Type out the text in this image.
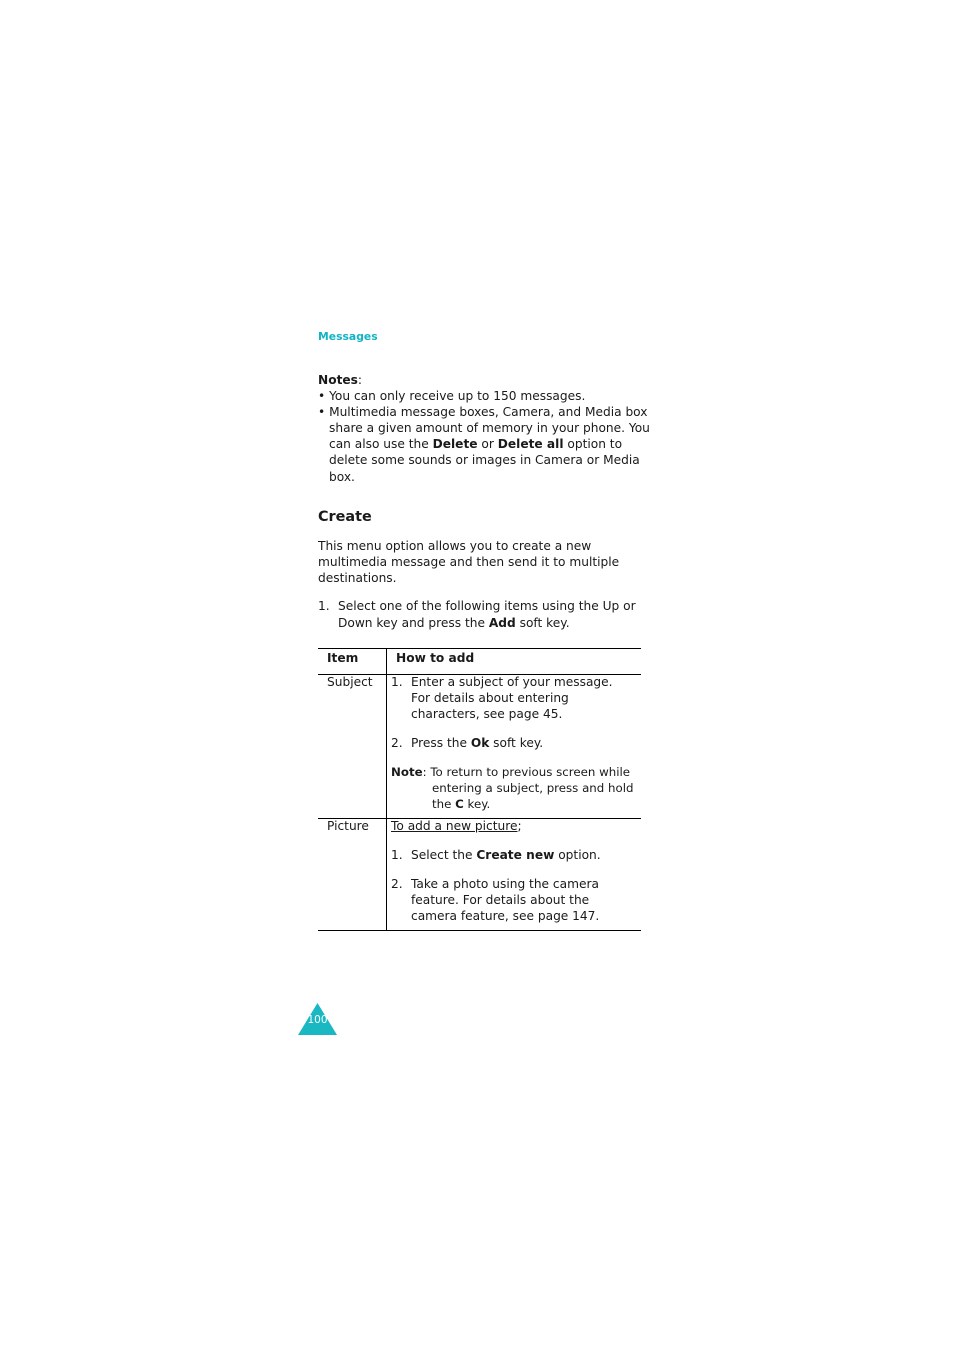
Messages
Notes:
• You can only receive up to 150 messages.
• Multimedia message boxes, Camera, and Media box
share a given amount of memory in your phone. You
can also use the Delete or Delete all option to
delete some sounds or images in Camera or Media
box.
Create
This menu option allows you to create a new
multimedia message and then send it to multiple
destinations.
1. Select one of the following items using the Up or
Down key and press the Add soft key.
Item	How to add
Subject 1. Enter a subject of your message.
For details about entering
characters, see page 45.
2. Press the Ok soft key.
Note: To return to previous screen while
entering a subject, press and hold
the C key.
Picture To add a new picture;
1. Select the Create new option.
2. Take a photo using the camera
feature. For details about the
camera feature, see page 147.
100
